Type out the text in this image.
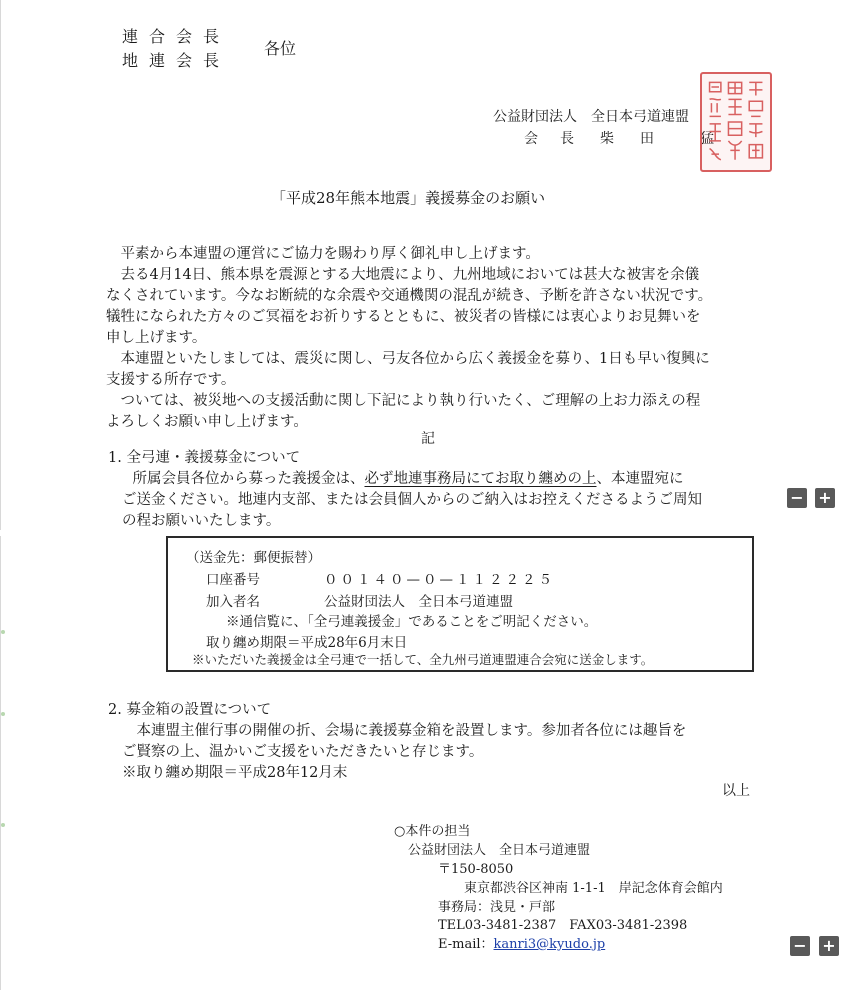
連合会長
地連会長
各位
公益財団法人　全日本弓道連盟
会　長 柴　田　　猛
「平成28年熊本地震」義援募金のお願い
　平素から本連盟の運営にご協力を賜わり厚く御礼申し上げます。
　去る4月14日、熊本県を震源とする大地震により、九州地域においては甚大な被害を余儀
なくされています。今なお断続的な余震や交通機関の混乱が続き、予断を許さない状況です。
犠牲になられた方々のご冥福をお祈りするとともに、被災者の皆様には衷心よりお見舞いを
申し上げます。
　本連盟といたしましては、震災に関し、弓友各位から広く義援金を募り、1日も早い復興に
支援する所存です。
　ついては、被災地への支援活動に関し下記により執り行いたく、ご理解の上お力添えの程
よろしくお願い申し上げます。
記
1. 全弓連・義援募金について
　所属会員各位から募った義援金は、必ず地連事務局にてお取り纏めの上、本連盟宛に
ご送金ください。地連内支部、または会員個人からのご納入はお控えくださるようご周知
の程お願いいたします。
（送金先：郵便振替）
口座番号	００１４０—０—１１２２２５
加入者名	公益財団法人　全日本弓道連盟
※通信覧に、「全弓連義援金」であることをご明記ください。
取り纏め期限＝平成28年6月末日
※いただいた義援金は全弓連で一括して、全九州弓道連盟連合会宛に送金します。
2. 募金箱の設置について
　本連盟主催行事の開催の折、会場に義援募金箱を設置します。参加者各位には趣旨を
ご賢察の上、温かいご支援をいただきたいと存じます。
※取り纏め期限＝平成28年12月末
以上
○本件の担当
公益財団法人　全日本弓道連盟
〒150-8050
東京都渋谷区神南 1-1-1　岸記念体育会館内
事務局：浅見・戸部
TEL03-3481-2387　FAX03-3481-2398
E-mail：kanri3@kyudo.jp
− +
− +
